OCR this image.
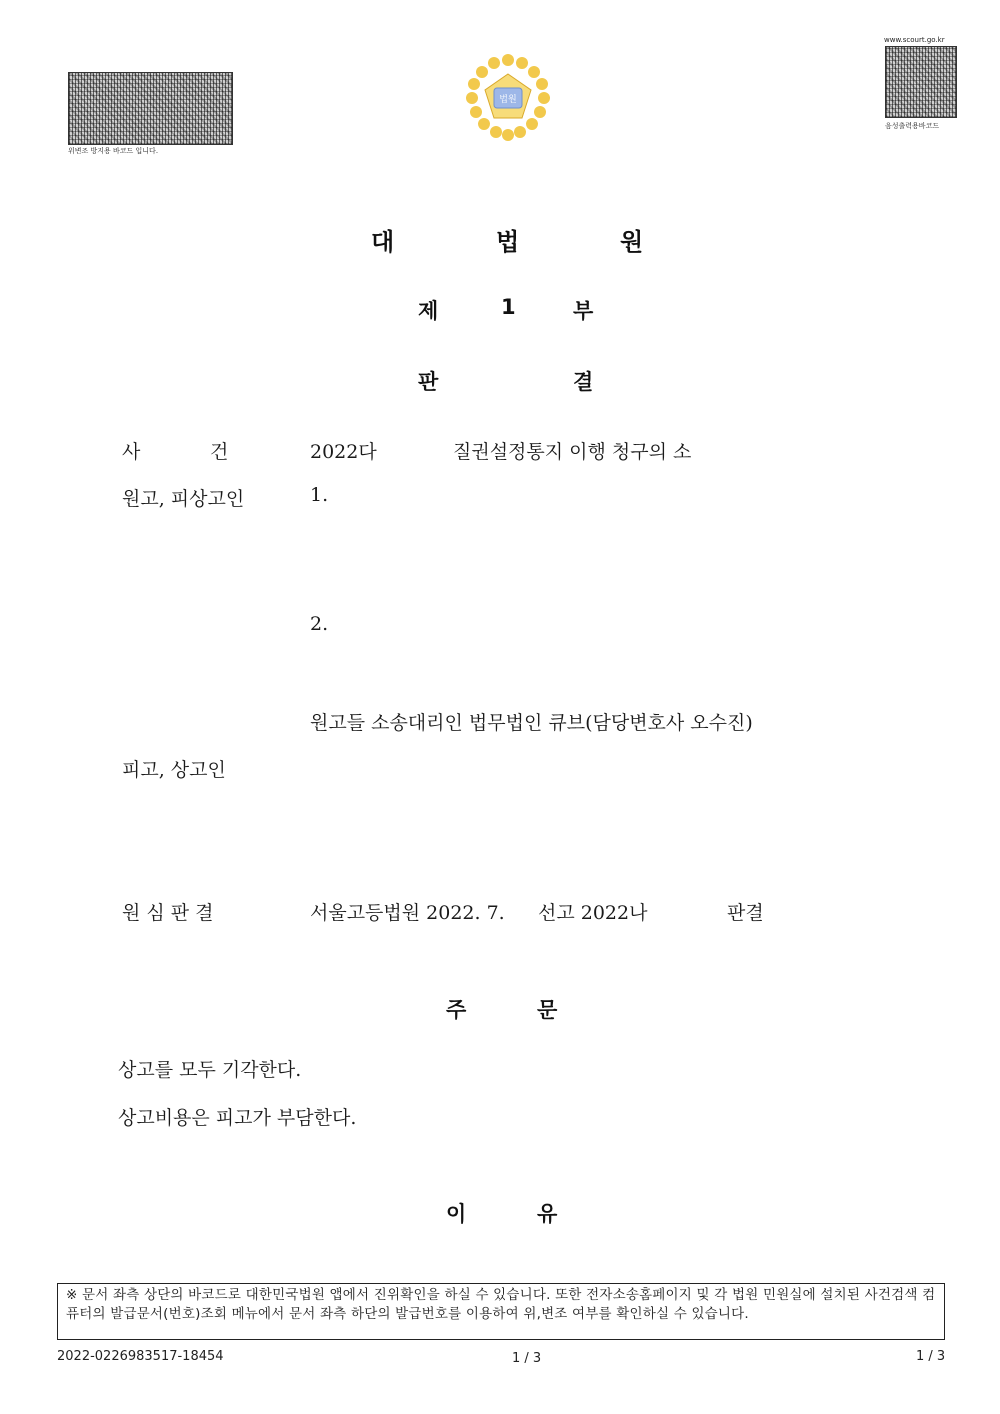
위변조 방지용 바코드 입니다.
www.scourt.go.kr
음성출력용바코드
법원
대	법	원
제	1	부
판	결
사	건	2022다	질권설정통지 이행 청구의 소
원고, 피상고인	1.
2.
원고들 소송대리인 법무법인 큐브(담당변호사 오수진)
피고, 상고인
원 심 판 결	서울고등법원 2022. 7. 선고 2022나	판결
주	문
상고를 모두 기각한다.
상고비용은 피고가 부담한다.
이	유
※ 문서 좌측 상단의 바코드로 대한민국법원 앱에서 진위확인을 하실 수 있습니다. 또한 전자소송홈페이지 및 각 법원 민원실에 설치된 사건검색 컴퓨터의 발급문서(번호)조회 메뉴에서 문서 좌측 하단의 발급번호를 이용하여 위,변조 여부를 확인하실 수 있습니다.
2022-0226983517-18454	1 / 3	1 / 3
